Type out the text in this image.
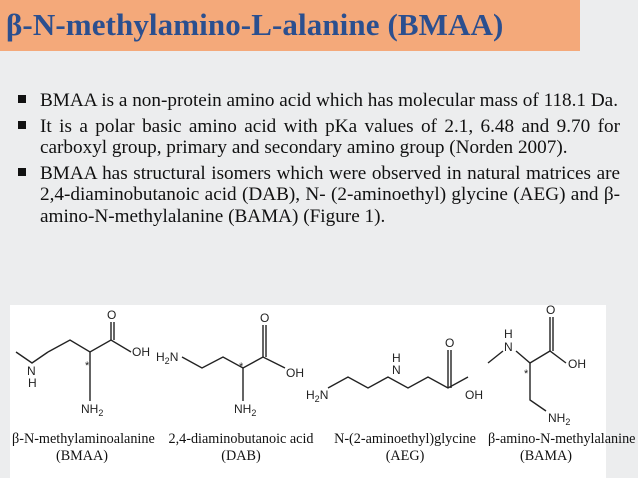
β-N-methylamino-L-alanine (BMAA)
BMAA is a non-protein amino acid which has molecular mass of 118.1 Da.
It is a polar basic amino acid with pKa values of 2.1, 6.48 and 9.70 for carboxyl group, primary and secondary amino group (Norden 2007).
BMAA has structural isomers which were observed in natural matrices are 2,4-diaminobutanoic acid (DAB), N- (2-aminoethyl) glycine (AEG) and β-amino-N-methylalanine (BAMA) (Figure 1).
O
OH
N
H
*
$NH_2$
$H_2N$
O
OH
*
$NH_2$
$H_2N$
H
N
O
OH
H
N
O
OH
*
$NH_2$
β-N-methylaminoalanine
(BMAA)
2,4-diaminobutanoic acid
(DAB)
N-(2-aminoethyl)glycine
(AEG)
β-amino-N-methylalanine
(BAMA)
